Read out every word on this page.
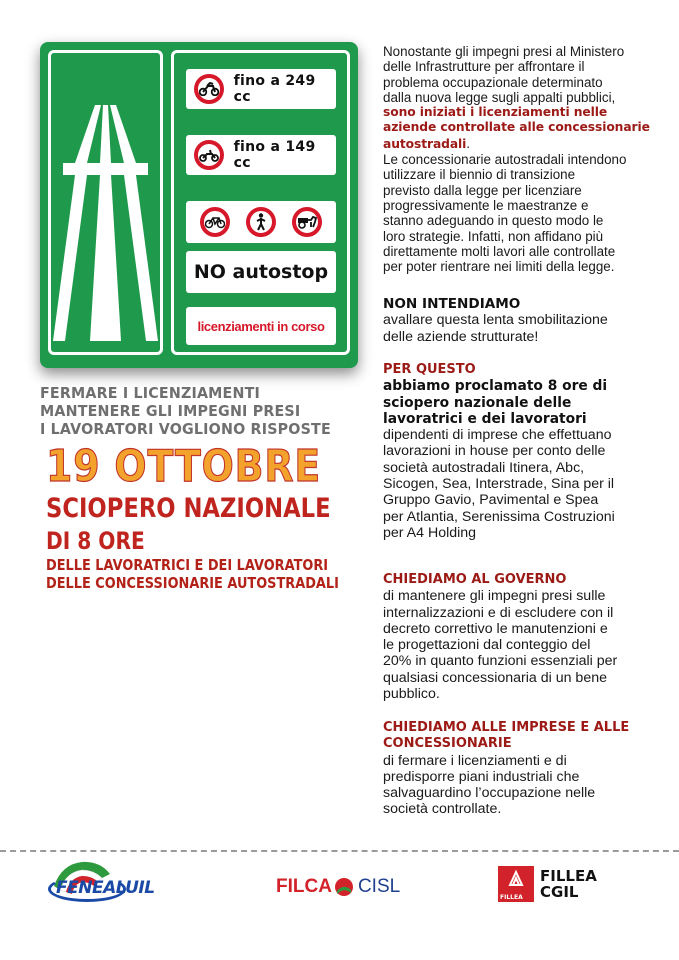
fino a 249 cc
fino a 149 cc
NO autostop
licenziamenti in corso
FERMARE I LICENZIAMENTI
MANTENERE GLI IMPEGNI PRESI
I LAVORATORI VOGLIONO RISPOSTE
19 OTTOBRE
SCIOPERO NAZIONALE
DI 8 ORE
DELLE LAVORATRICI E DEI LAVORATORI
DELLE CONCESSIONARIE AUTOSTRADALI
Nonostante gli impegni presi al Ministero
delle Infrastrutture per affrontare il
problema occupazionale determinato
dalla nuova legge sugli appalti pubblici,
sono iniziati i licenziamenti nelle
aziende controllate alle concessionarie
autostradali.
Le concessionarie autostradali intendono
utilizzare il biennio di transizione
previsto dalla legge per licenziare
progressivamente le maestranze e
stanno adeguando in questo modo le
loro strategie. Infatti, non affidano più
direttamente molti lavori alle controllate
per poter rientrare nei limiti della legge.
NON INTENDIAMO
avallare questa lenta smobilitazione
delle aziende strutturate!
PER QUESTO
abbiamo proclamato 8 ore di
sciopero nazionale delle
lavoratrici e dei lavoratori
dipendenti di imprese che effettuano
lavorazioni in house per conto delle
società autostradali Itinera, Abc,
Sicogen, Sea, Interstrade, Sina per il
Gruppo Gavio, Pavimental e Spea
per Atlantia, Serenissima Costruzioni
per A4 Holding
CHIEDIAMO AL GOVERNO
di mantenere gli impegni presi sulle
internalizzazioni e di escludere con il
decreto correttivo le manutenzioni e
le progettazioni dal conteggio del
20% in quanto funzioni essenziali per
qualsiasi concessionaria di un bene
pubblico.
CHIEDIAMO ALLE IMPRESE E ALLE
CONCESSIONARIE
di fermare i licenziamenti e di
predisporre piani industriali che
salvaguardino l’occupazione nelle
società controllate.
FENEALUIL	FILCA CISL
FILLEA
FILLEA
CGIL
